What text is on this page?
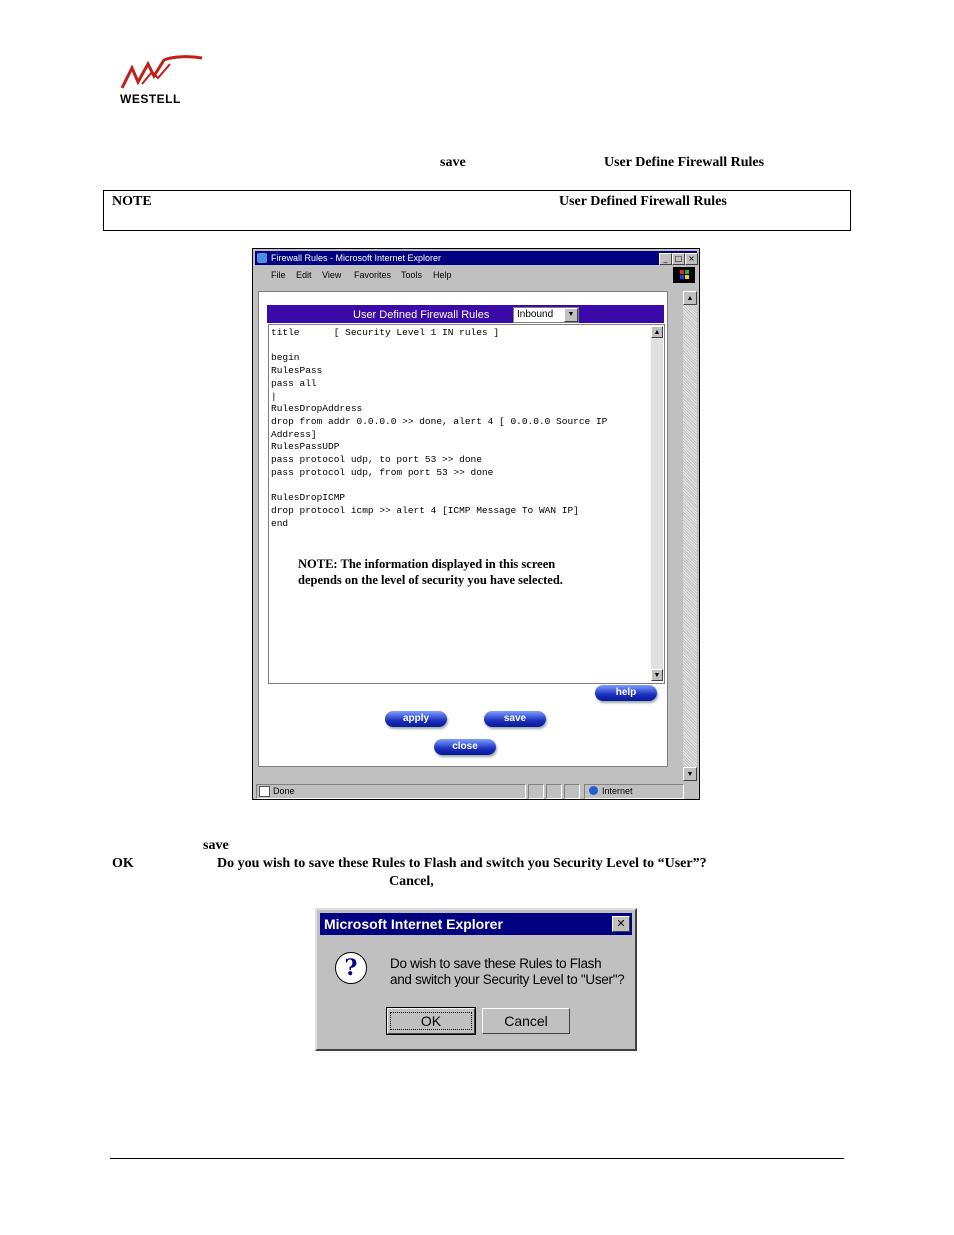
WESTELL
save	User Define Firewall Rules
NOTE	User Defined Firewall Rules
Firewall Rules - Microsoft Internet Explorer	_ □ ×
File Edit View Favorites Tools Help
▲
▼
User Defined Firewall Rules	Inbound	▼
title      [ Security Level 1 IN rules ]

begin
RulesPass
pass all
|
RulesDropAddress
drop from addr 0.0.0.0 >> done, alert 4 [ 0.0.0.0 Source IP
Address]
RulesPassUDP
pass protocol udp, to port 53 >> done
pass protocol udp, from port 53 >> done

RulesDropICMP
drop protocol icmp >> alert 4 [ICMP Message To WAN IP]
end
▲
▼
NOTE: The information displayed in this screen
depends on the level of security you have selected.
help
apply	save
close
Done	Internet
save
OK	Do you wish to save these Rules to Flash and switch you Security Level to “User”?
Cancel,
Microsoft Internet Explorer	✕
?	Do wish to save these Rules to Flash
and switch your Security Level to "User"?
OK	Cancel
